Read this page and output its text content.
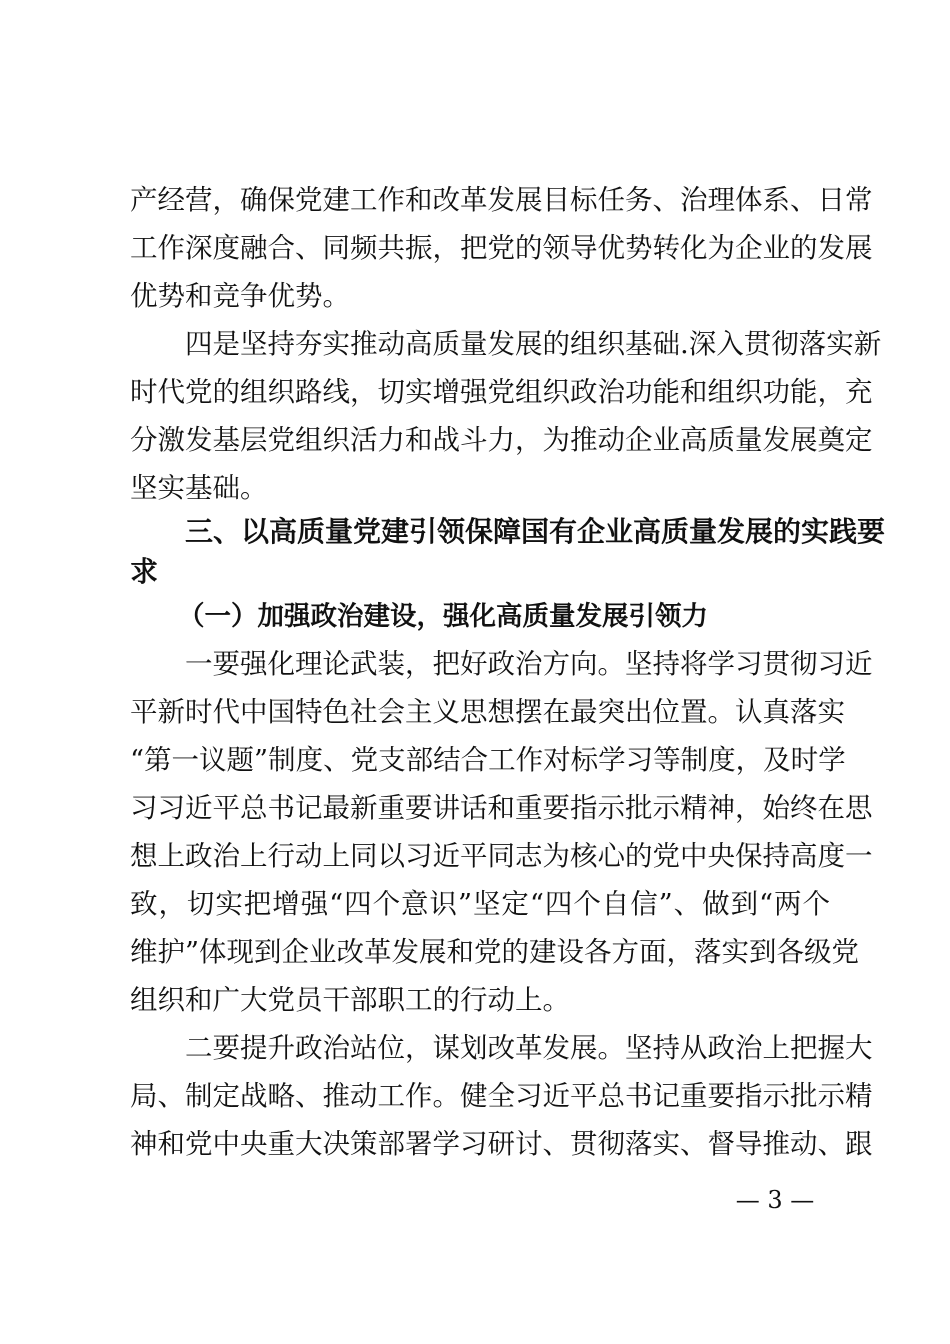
产经营，确保党建工作和改革发展目标任务、治理体系、日常
工作深度融合、同频共振，把党的领导优势转化为企业的发展
优势和竞争优势。
四是坚持夯实推动高质量发展的组织基础.深入贯彻落实新
时代党的组织路线，切实增强党组织政治功能和组织功能，充
分激发基层党组织活力和战斗力，为推动企业高质量发展奠定
坚实基础。
三、以高质量党建引领保障国有企业高质量发展的实践要
求
（一）加强政治建设，强化高质量发展引领力
一要强化理论武装，把好政治方向。坚持将学习贯彻习近
平新时代中国特色社会主义思想摆在最突出位置。认真落实
“第一议题”制度、党支部结合工作对标学习等制度，及时学
习习近平总书记最新重要讲话和重要指示批示精神，始终在思
想上政治上行动上同以习近平同志为核心的党中央保持高度一
致，切实把增强“四个意识”坚定“四个自信”、做到“两个
维护”体现到企业改革发展和党的建设各方面，落实到各级党
组织和广大党员干部职工的行动上。
二要提升政治站位，谋划改革发展。坚持从政治上把握大
局、制定战略、推动工作。健全习近平总书记重要指示批示精
神和党中央重大决策部署学习研讨、贯彻落实、督导推动、跟
— 3 —
